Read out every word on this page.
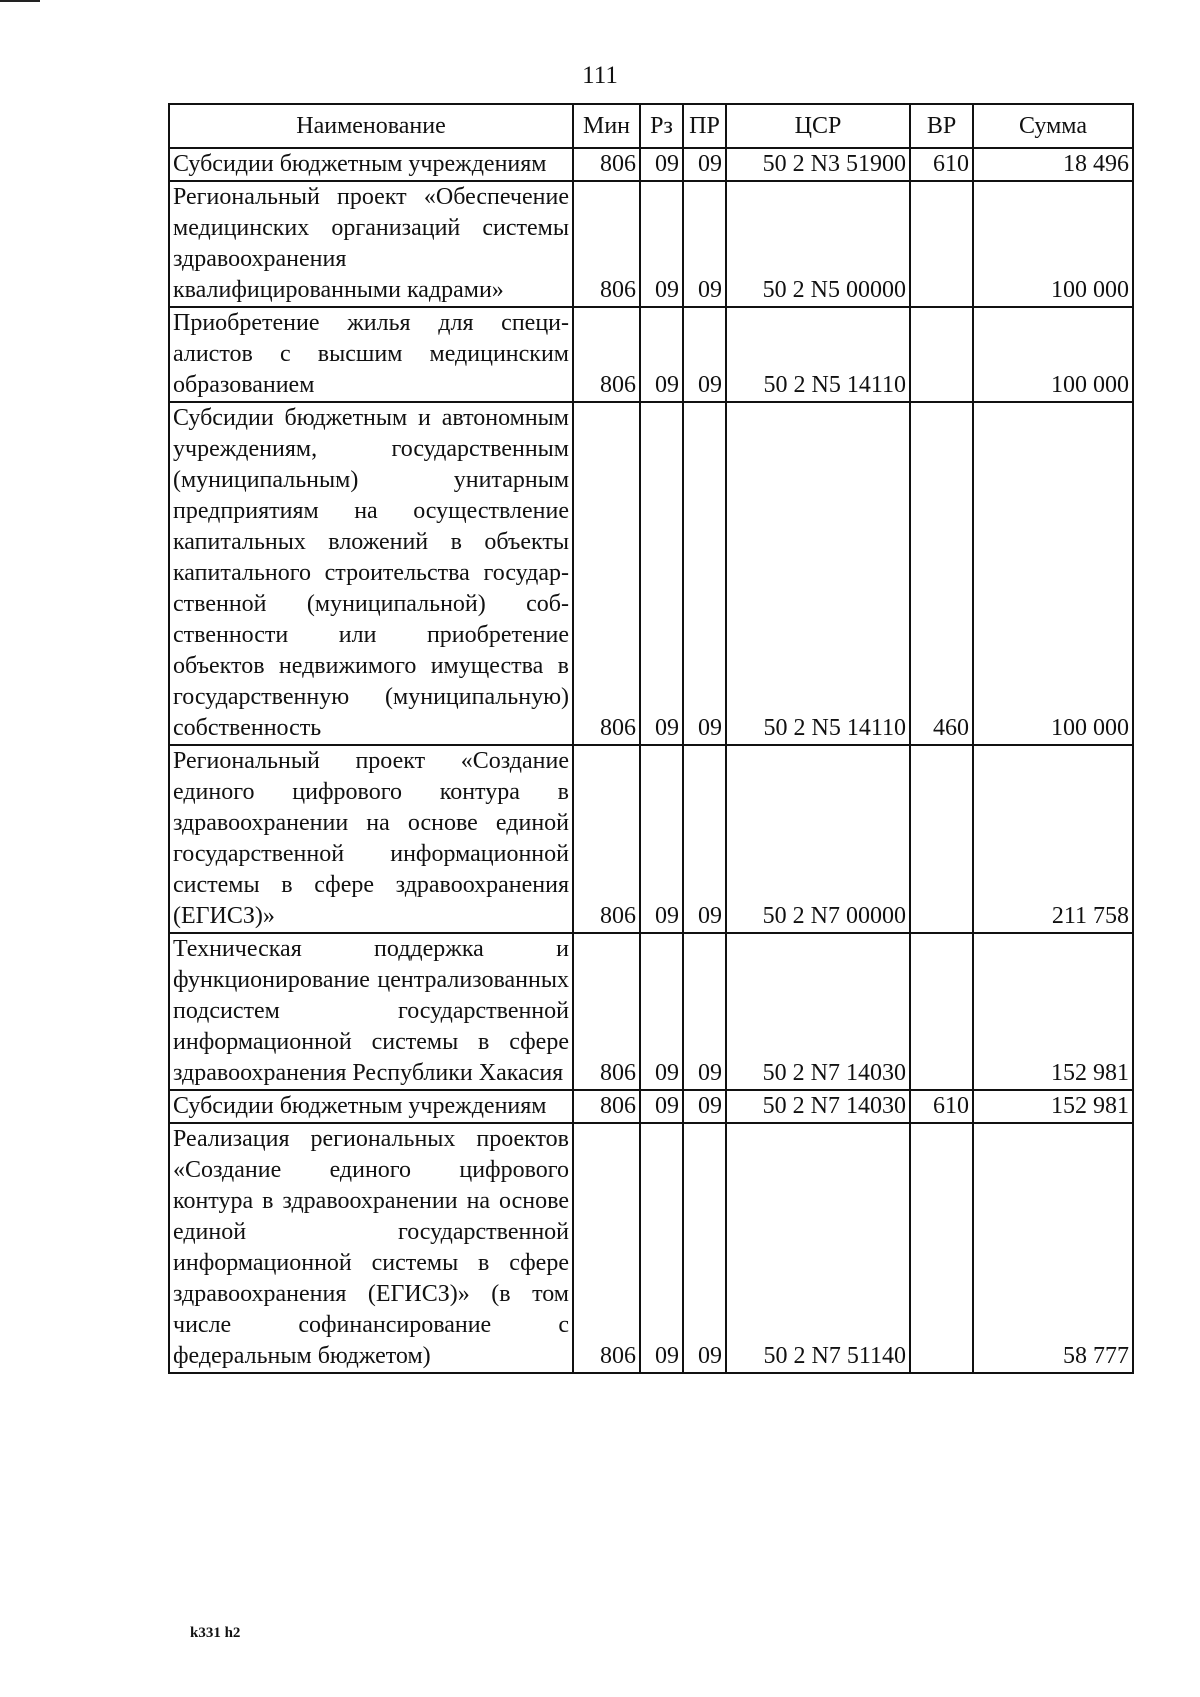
111
Наименование	Мин	Рз	ПР	ЦСР	ВР	Сумма
Субсидии бюджетным учреждениям	806	09	09	50 2 N3 51900	610	18 496
Региональный проект «Обеспечение медицинских организаций системы здравоохранения квалифицированными кадрами»	806	09	09	50 2 N5 00000		100 000
Приобретение жилья для специалистов с высшим медицинским образованием	806	09	09	50 2 N5 14110		100 000
Субсидии бюджетным и автономным учреждениям, государственным (муниципальным) унитарным предприятиям на осуществление капитальных вложений в объекты капитального строительства государственной (муниципальной) собственности или приобретение объектов недвижимого имущества в государственную (муниципальную) собственность	806	09	09	50 2 N5 14110	460	100 000
Региональный проект «Создание единого цифрового контура в здравоохранении на основе единой государственной информационной системы в сфере здравоохранения (ЕГИСЗ)»	806	09	09	50 2 N7 00000		211 758
Техническая поддержка и функционирование централизованных подсистем государственной информационной системы в сфере здравоохранения Республики Хакасия	806	09	09	50 2 N7 14030		152 981
Субсидии бюджетным учреждениям	806	09	09	50 2 N7 14030	610	152 981
Реализация региональных проектов «Создание единого цифрового контура в здравоохранении на основе единой государственной информационной системы в сфере здравоохранения (ЕГИСЗ)» (в том числе софинансирование с федеральным бюджетом)	806	09	09	50 2 N7 51140		58 777
k331 h2
